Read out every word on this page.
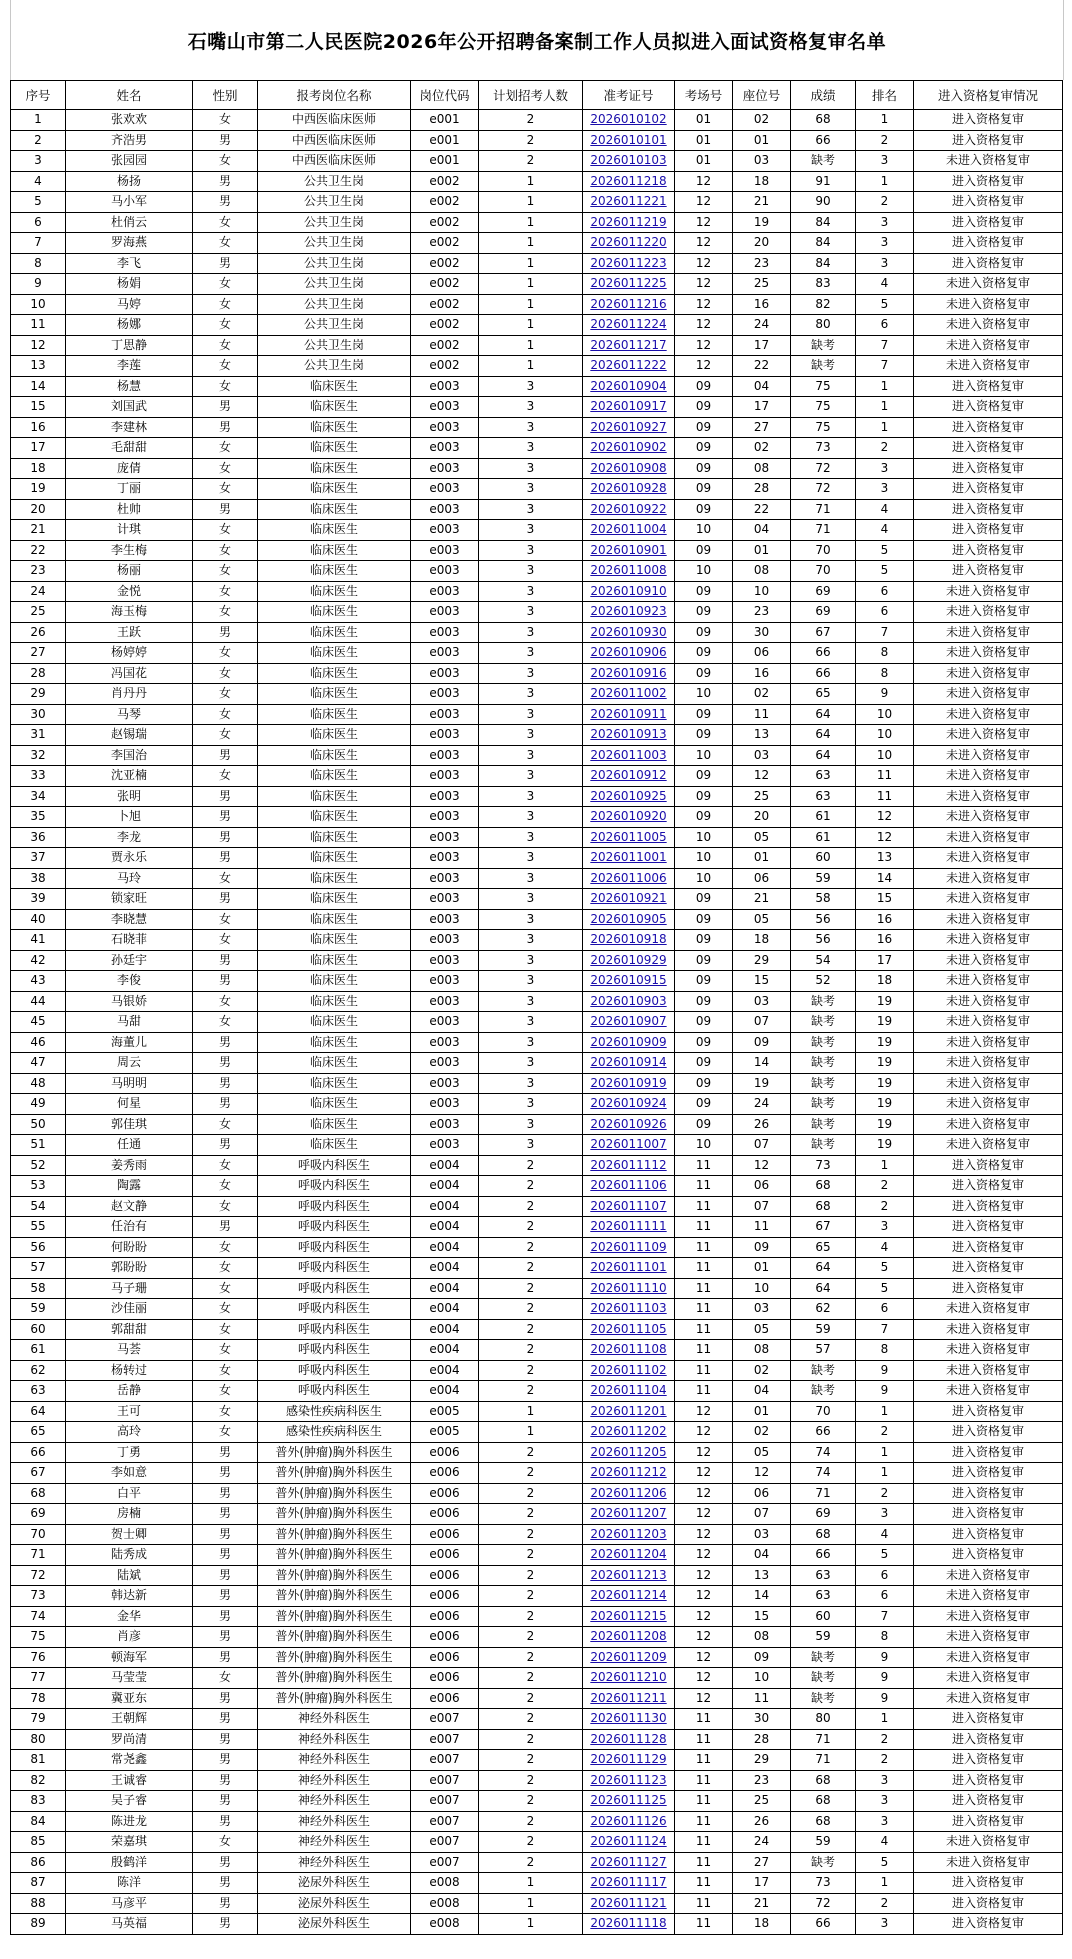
石嘴山市第二人民医院2026年公开招聘备案制工作人员拟进入面试资格复审名单
序号	姓名	性别	报考岗位名称	岗位代码	计划招考人数	准考证号	考场号	座位号	成绩	排名	进入资格复审情况
1	张欢欢	女	中西医临床医师	e001	2	2026010102	01	02	68	1	进入资格复审
2	齐浩男	男	中西医临床医师	e001	2	2026010101	01	01	66	2	进入资格复审
3	张园园	女	中西医临床医师	e001	2	2026010103	01	03	缺考	3	未进入资格复审
4	杨扬	男	公共卫生岗	e002	1	2026011218	12	18	91	1	进入资格复审
5	马小军	男	公共卫生岗	e002	1	2026011221	12	21	90	2	进入资格复审
6	杜俏云	女	公共卫生岗	e002	1	2026011219	12	19	84	3	进入资格复审
7	罗海燕	女	公共卫生岗	e002	1	2026011220	12	20	84	3	进入资格复审
8	李飞	男	公共卫生岗	e002	1	2026011223	12	23	84	3	进入资格复审
9	杨娟	女	公共卫生岗	e002	1	2026011225	12	25	83	4	未进入资格复审
10	马婷	女	公共卫生岗	e002	1	2026011216	12	16	82	5	未进入资格复审
11	杨娜	女	公共卫生岗	e002	1	2026011224	12	24	80	6	未进入资格复审
12	丁思静	女	公共卫生岗	e002	1	2026011217	12	17	缺考	7	未进入资格复审
13	李莲	女	公共卫生岗	e002	1	2026011222	12	22	缺考	7	未进入资格复审
14	杨慧	女	临床医生	e003	3	2026010904	09	04	75	1	进入资格复审
15	刘国武	男	临床医生	e003	3	2026010917	09	17	75	1	进入资格复审
16	李建林	男	临床医生	e003	3	2026010927	09	27	75	1	进入资格复审
17	毛甜甜	女	临床医生	e003	3	2026010902	09	02	73	2	进入资格复审
18	庞倩	女	临床医生	e003	3	2026010908	09	08	72	3	进入资格复审
19	丁丽	女	临床医生	e003	3	2026010928	09	28	72	3	进入资格复审
20	杜帅	男	临床医生	e003	3	2026010922	09	22	71	4	进入资格复审
21	计琪	女	临床医生	e003	3	2026011004	10	04	71	4	进入资格复审
22	李生梅	女	临床医生	e003	3	2026010901	09	01	70	5	进入资格复审
23	杨丽	女	临床医生	e003	3	2026011008	10	08	70	5	进入资格复审
24	金悦	女	临床医生	e003	3	2026010910	09	10	69	6	未进入资格复审
25	海玉梅	女	临床医生	e003	3	2026010923	09	23	69	6	未进入资格复审
26	王跃	男	临床医生	e003	3	2026010930	09	30	67	7	未进入资格复审
27	杨婷婷	女	临床医生	e003	3	2026010906	09	06	66	8	未进入资格复审
28	冯国花	女	临床医生	e003	3	2026010916	09	16	66	8	未进入资格复审
29	肖丹丹	女	临床医生	e003	3	2026011002	10	02	65	9	未进入资格复审
30	马琴	女	临床医生	e003	3	2026010911	09	11	64	10	未进入资格复审
31	赵锡瑞	女	临床医生	e003	3	2026010913	09	13	64	10	未进入资格复审
32	李国治	男	临床医生	e003	3	2026011003	10	03	64	10	未进入资格复审
33	沈亚楠	女	临床医生	e003	3	2026010912	09	12	63	11	未进入资格复审
34	张明	男	临床医生	e003	3	2026010925	09	25	63	11	未进入资格复审
35	卜旭	男	临床医生	e003	3	2026010920	09	20	61	12	未进入资格复审
36	李龙	男	临床医生	e003	3	2026011005	10	05	61	12	未进入资格复审
37	贾永乐	男	临床医生	e003	3	2026011001	10	01	60	13	未进入资格复审
38	马玲	女	临床医生	e003	3	2026011006	10	06	59	14	未进入资格复审
39	锁家旺	男	临床医生	e003	3	2026010921	09	21	58	15	未进入资格复审
40	李晓慧	女	临床医生	e003	3	2026010905	09	05	56	16	未进入资格复审
41	石晓菲	女	临床医生	e003	3	2026010918	09	18	56	16	未进入资格复审
42	孙廷宇	男	临床医生	e003	3	2026010929	09	29	54	17	未进入资格复审
43	李俊	男	临床医生	e003	3	2026010915	09	15	52	18	未进入资格复审
44	马银娇	女	临床医生	e003	3	2026010903	09	03	缺考	19	未进入资格复审
45	马甜	女	临床医生	e003	3	2026010907	09	07	缺考	19	未进入资格复审
46	海董儿	男	临床医生	e003	3	2026010909	09	09	缺考	19	未进入资格复审
47	周云	男	临床医生	e003	3	2026010914	09	14	缺考	19	未进入资格复审
48	马明明	男	临床医生	e003	3	2026010919	09	19	缺考	19	未进入资格复审
49	何星	男	临床医生	e003	3	2026010924	09	24	缺考	19	未进入资格复审
50	郭佳琪	女	临床医生	e003	3	2026010926	09	26	缺考	19	未进入资格复审
51	任通	男	临床医生	e003	3	2026011007	10	07	缺考	19	未进入资格复审
52	姜秀雨	女	呼吸内科医生	e004	2	2026011112	11	12	73	1	进入资格复审
53	陶露	女	呼吸内科医生	e004	2	2026011106	11	06	68	2	进入资格复审
54	赵文静	女	呼吸内科医生	e004	2	2026011107	11	07	68	2	进入资格复审
55	任治有	男	呼吸内科医生	e004	2	2026011111	11	11	67	3	进入资格复审
56	何盼盼	女	呼吸内科医生	e004	2	2026011109	11	09	65	4	进入资格复审
57	郭盼盼	女	呼吸内科医生	e004	2	2026011101	11	01	64	5	进入资格复审
58	马子珊	女	呼吸内科医生	e004	2	2026011110	11	10	64	5	进入资格复审
59	沙佳丽	女	呼吸内科医生	e004	2	2026011103	11	03	62	6	未进入资格复审
60	郭甜甜	女	呼吸内科医生	e004	2	2026011105	11	05	59	7	未进入资格复审
61	马荟	女	呼吸内科医生	e004	2	2026011108	11	08	57	8	未进入资格复审
62	杨转过	女	呼吸内科医生	e004	2	2026011102	11	02	缺考	9	未进入资格复审
63	岳静	女	呼吸内科医生	e004	2	2026011104	11	04	缺考	9	未进入资格复审
64	王可	女	感染性疾病科医生	e005	1	2026011201	12	01	70	1	进入资格复审
65	高玲	女	感染性疾病科医生	e005	1	2026011202	12	02	66	2	进入资格复审
66	丁勇	男	普外(肿瘤)胸外科医生	e006	2	2026011205	12	05	74	1	进入资格复审
67	李如意	男	普外(肿瘤)胸外科医生	e006	2	2026011212	12	12	74	1	进入资格复审
68	白平	男	普外(肿瘤)胸外科医生	e006	2	2026011206	12	06	71	2	进入资格复审
69	房楠	男	普外(肿瘤)胸外科医生	e006	2	2026011207	12	07	69	3	进入资格复审
70	贺士卿	男	普外(肿瘤)胸外科医生	e006	2	2026011203	12	03	68	4	进入资格复审
71	陆秀成	男	普外(肿瘤)胸外科医生	e006	2	2026011204	12	04	66	5	进入资格复审
72	陆斌	男	普外(肿瘤)胸外科医生	e006	2	2026011213	12	13	63	6	未进入资格复审
73	韩达新	男	普外(肿瘤)胸外科医生	e006	2	2026011214	12	14	63	6	未进入资格复审
74	金华	男	普外(肿瘤)胸外科医生	e006	2	2026011215	12	15	60	7	未进入资格复审
75	肖彦	男	普外(肿瘤)胸外科医生	e006	2	2026011208	12	08	59	8	未进入资格复审
76	顿海军	男	普外(肿瘤)胸外科医生	e006	2	2026011209	12	09	缺考	9	未进入资格复审
77	马莹莹	女	普外(肿瘤)胸外科医生	e006	2	2026011210	12	10	缺考	9	未进入资格复审
78	冀亚东	男	普外(肿瘤)胸外科医生	e006	2	2026011211	12	11	缺考	9	未进入资格复审
79	王朝辉	男	神经外科医生	e007	2	2026011130	11	30	80	1	进入资格复审
80	罗尚清	男	神经外科医生	e007	2	2026011128	11	28	71	2	进入资格复审
81	常尧鑫	男	神经外科医生	e007	2	2026011129	11	29	71	2	进入资格复审
82	王诚睿	男	神经外科医生	e007	2	2026011123	11	23	68	3	进入资格复审
83	吴子睿	男	神经外科医生	e007	2	2026011125	11	25	68	3	进入资格复审
84	陈进龙	男	神经外科医生	e007	2	2026011126	11	26	68	3	进入资格复审
85	荣嘉琪	女	神经外科医生	e007	2	2026011124	11	24	59	4	未进入资格复审
86	殷鹤洋	男	神经外科医生	e007	2	2026011127	11	27	缺考	5	未进入资格复审
87	陈洋	男	泌尿外科医生	e008	1	2026011117	11	17	73	1	进入资格复审
88	马彦平	男	泌尿外科医生	e008	1	2026011121	11	21	72	2	进入资格复审
89	马英福	男	泌尿外科医生	e008	1	2026011118	11	18	66	3	进入资格复审
